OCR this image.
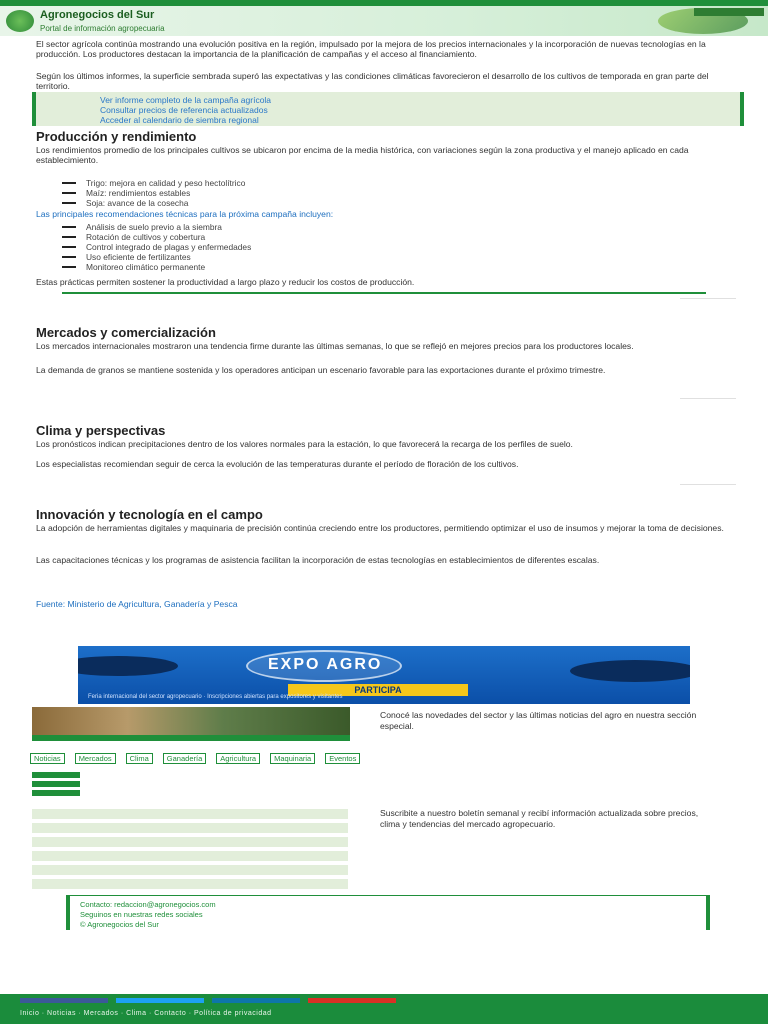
Agronegocios del Sur
Portal de información agropecuaria
El sector agrícola continúa mostrando una evolución positiva en la región, impulsado por la mejora de los precios internacionales y la incorporación de nuevas tecnologías en la producción. Los productores destacan la importancia de la planificación de campañas y el acceso al financiamiento.
Según los últimos informes, la superficie sembrada superó las expectativas y las condiciones climáticas favorecieron el desarrollo de los cultivos de temporada en gran parte del territorio.
Ver informe completo de la campaña agrícola
Consultar precios de referencia actualizados
Acceder al calendario de siembra regional
Producción y rendimiento
Los rendimientos promedio de los principales cultivos se ubicaron por encima de la media histórica, con variaciones según la zona productiva y el manejo aplicado en cada establecimiento.
Trigo: mejora en calidad y peso hectolítrico
Maíz: rendimientos estables
Soja: avance de la cosecha
Las principales recomendaciones técnicas para la próxima campaña incluyen:
Análisis de suelo previo a la siembra
Rotación de cultivos y cobertura
Control integrado de plagas y enfermedades
Uso eficiente de fertilizantes
Monitoreo climático permanente
Estas prácticas permiten sostener la productividad a largo plazo y reducir los costos de producción.
Mercados y comercialización
Los mercados internacionales mostraron una tendencia firme durante las últimas semanas, lo que se reflejó en mejores precios para los productores locales.
La demanda de granos se mantiene sostenida y los operadores anticipan un escenario favorable para las exportaciones durante el próximo trimestre.
Clima y perspectivas
Los pronósticos indican precipitaciones dentro de los valores normales para la estación, lo que favorecerá la recarga de los perfiles de suelo.
Los especialistas recomiendan seguir de cerca la evolución de las temperaturas durante el período de floración de los cultivos.
Innovación y tecnología en el campo
La adopción de herramientas digitales y maquinaria de precisión continúa creciendo entre los productores, permitiendo optimizar el uso de insumos y mejorar la toma de decisiones.
Las capacitaciones técnicas y los programas de asistencia facilitan la incorporación de estas tecnologías en establecimientos de diferentes escalas.
Fuente: Ministerio de Agricultura, Ganadería y Pesca
EXPO AGRO
PARTICIPA
Feria internacional del sector agropecuario · Inscripciones abiertas para expositores y visitantes
Conocé las novedades del sector y las últimas noticias del agro en nuestra sección especial.
Noticias	Mercados	Clima	Ganadería	Agricultura	Maquinaria	Eventos
Suscribite a nuestro boletín semanal y recibí información actualizada sobre precios, clima y tendencias del mercado agropecuario.
Contacto: redaccion@agronegocios.com
Seguinos en nuestras redes sociales
© Agronegocios del Sur
Inicio · Noticias · Mercados · Clima · Contacto · Política de privacidad
